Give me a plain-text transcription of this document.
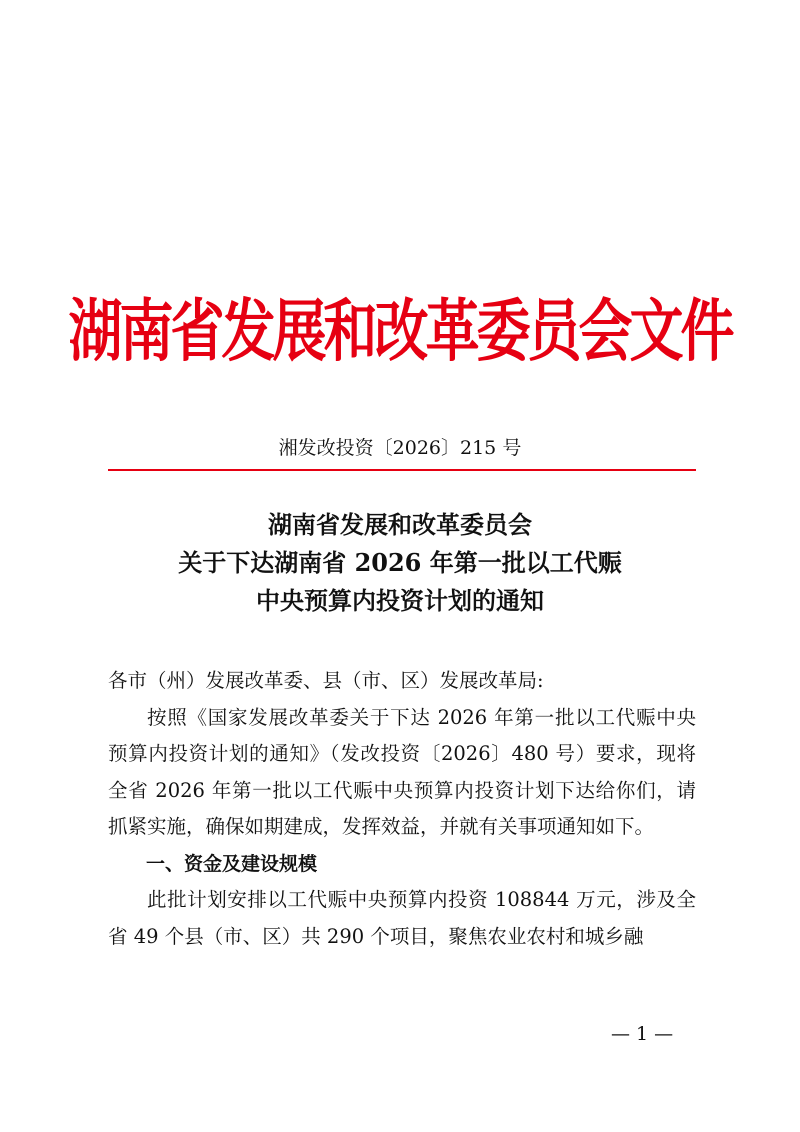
湖南省发展和改革委员会文件
湘发改投资〔2026〕215 号
湖南省发展和改革委员会
关于下达湖南省 2026 年第一批以工代赈
中央预算内投资计划的通知

各市（州）发展改革委、县（市、区）发展改革局:

按照《国家发展改革委关于下达 2026 年第一批以工代赈中央预算内投资计划的通知》（发改投资〔2026〕480 号）要求，现将全省 2026 年第一批以工代赈中央预算内投资计划下达给你们，请抓紧实施，确保如期建成，发挥效益，并就有关事项通知如下。

一、资金及建设规模

此批计划安排以工代赈中央预算内投资 108844 万元，涉及全省 49 个县（市、区）共 290 个项目，聚焦农业农村和城乡融

— 1 —
